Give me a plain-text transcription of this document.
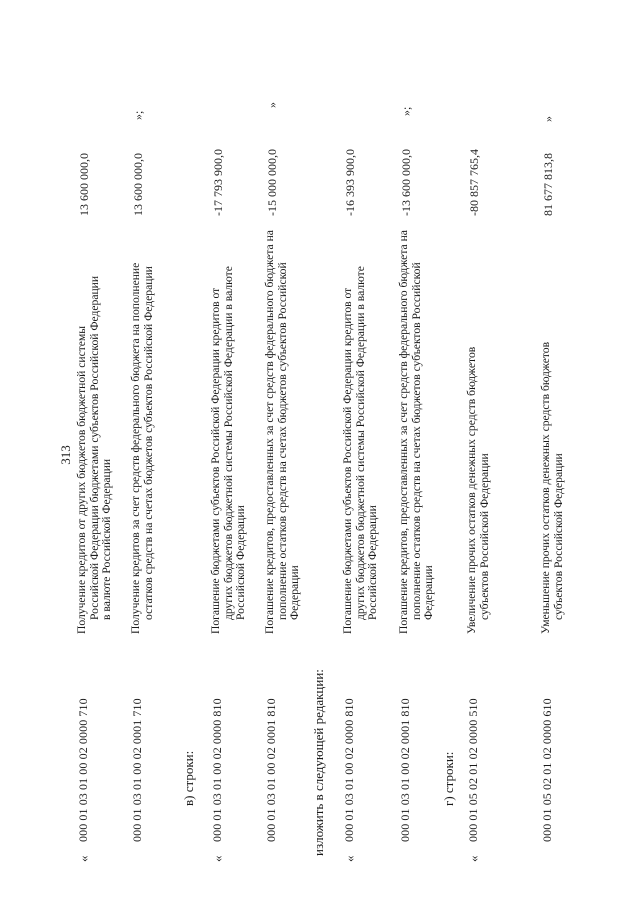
313
«
000 01 03 01 00 02 0000 710

Получение кредитов от других бюджетов бюджетной системы Российской Федерации бюджетами субъектов Российской Федерации в валюте Российской Федерации

13 600 000,0
000 01 03 01 00 02 0001 710

Получение кредитов за счет средств федерального бюджета на пополнение остатков средств на счетах бюджетов субъектов Российской Федерации

13 600 000,0
»;
в) строки:
«
000 01 03 01 00 02 0000 810

Погашение бюджетами субъектов Российской Федерации кредитов от других бюджетов бюджетной системы Российской Федерации в валюте Российской Федерации

-17 793 900,0
000 01 03 01 00 02 0001 810

Погашение кредитов, предоставленных за счет средств федерального бюджета на пополнение остатков средств на счетах бюджетов субъектов Российской Федерации

-15 000 000,0
»
изложить в следующей редакции:
«
000 01 03 01 00 02 0000 810

Погашение бюджетами субъектов Российской Федерации кредитов от других бюджетов бюджетной системы Российской Федерации в валюте Российской Федерации

-16 393 900,0
000 01 03 01 00 02 0001 810

Погашение кредитов, предоставленных за счет средств федерального бюджета на пополнение остатков средств на счетах бюджетов субъектов Российской Федерации

-13 600 000,0
»;
г) строки:
«
000 01 05 02 01 02 0000 510

Увеличение прочих остатков денежных средств бюджетов субъектов Российской Федерации

-80 857 765,4
000 01 05 02 01 02 0000 610

Уменьшение прочих остатков денежных средств бюджетов субъектов Российской Федерации

81 677 813,8
»
